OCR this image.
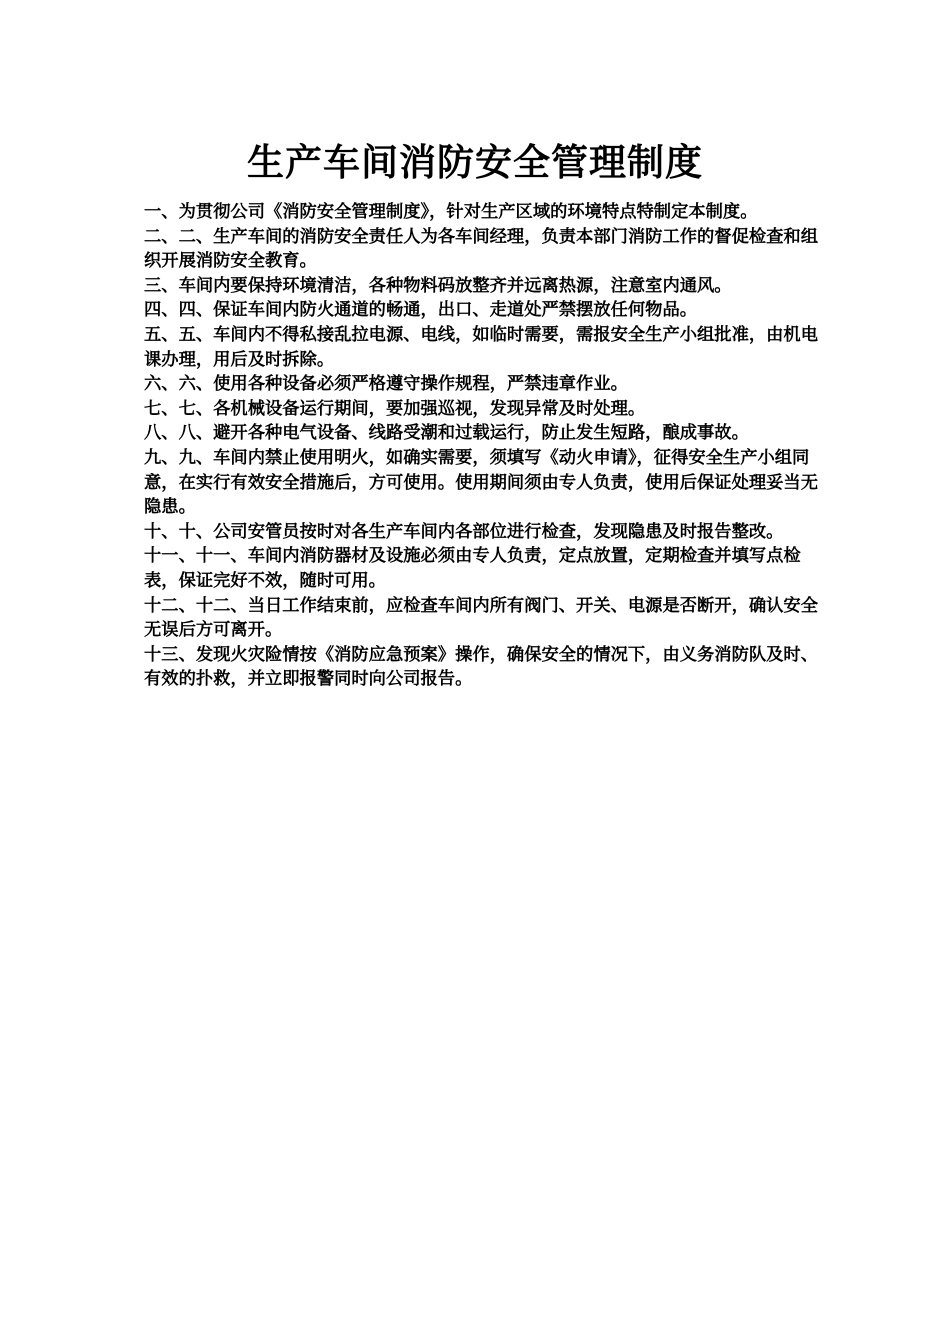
生产车间消防安全管理制度

一、为贯彻公司《消防安全管理制度》，针对生产区域的环境特点特制定本制度。

二、二、生产车间的消防安全责任人为各车间经理，负责本部门消防工作的督促检查和组织开展消防安全教育。

三、车间内要保持环境清洁，各种物料码放整齐并远离热源，注意室内通风。

四、四、保证车间内防火通道的畅通，出口、走道处严禁摆放任何物品。

五、五、车间内不得私接乱拉电源、电线，如临时需要，需报安全生产小组批准，由机电课办理，用后及时拆除。

六、六、使用各种设备必须严格遵守操作规程，严禁违章作业。

七、七、各机械设备运行期间，要加强巡视，发现异常及时处理。

八、八、避开各种电气设备、线路受潮和过载运行，防止发生短路，酿成事故。

九、九、车间内禁止使用明火，如确实需要，须填写《动火申请》，征得安全生产小组同意，在实行有效安全措施后，方可使用。使用期间须由专人负责，使用后保证处理妥当无隐患。

十、十、公司安管员按时对各生产车间内各部位进行检查，发现隐患及时报告整改。

十一、十一、车间内消防器材及设施必须由专人负责，定点放置，定期检查并填写点检表，保证完好不效，随时可用。

十二、十二、当日工作结束前，应检查车间内所有阀门、开关、电源是否断开，确认安全无误后方可离开。

十三、发现火灾险情按《消防应急预案》操作，确保安全的情况下，由义务消防队及时、有效的扑救，并立即报警同时向公司报告。
